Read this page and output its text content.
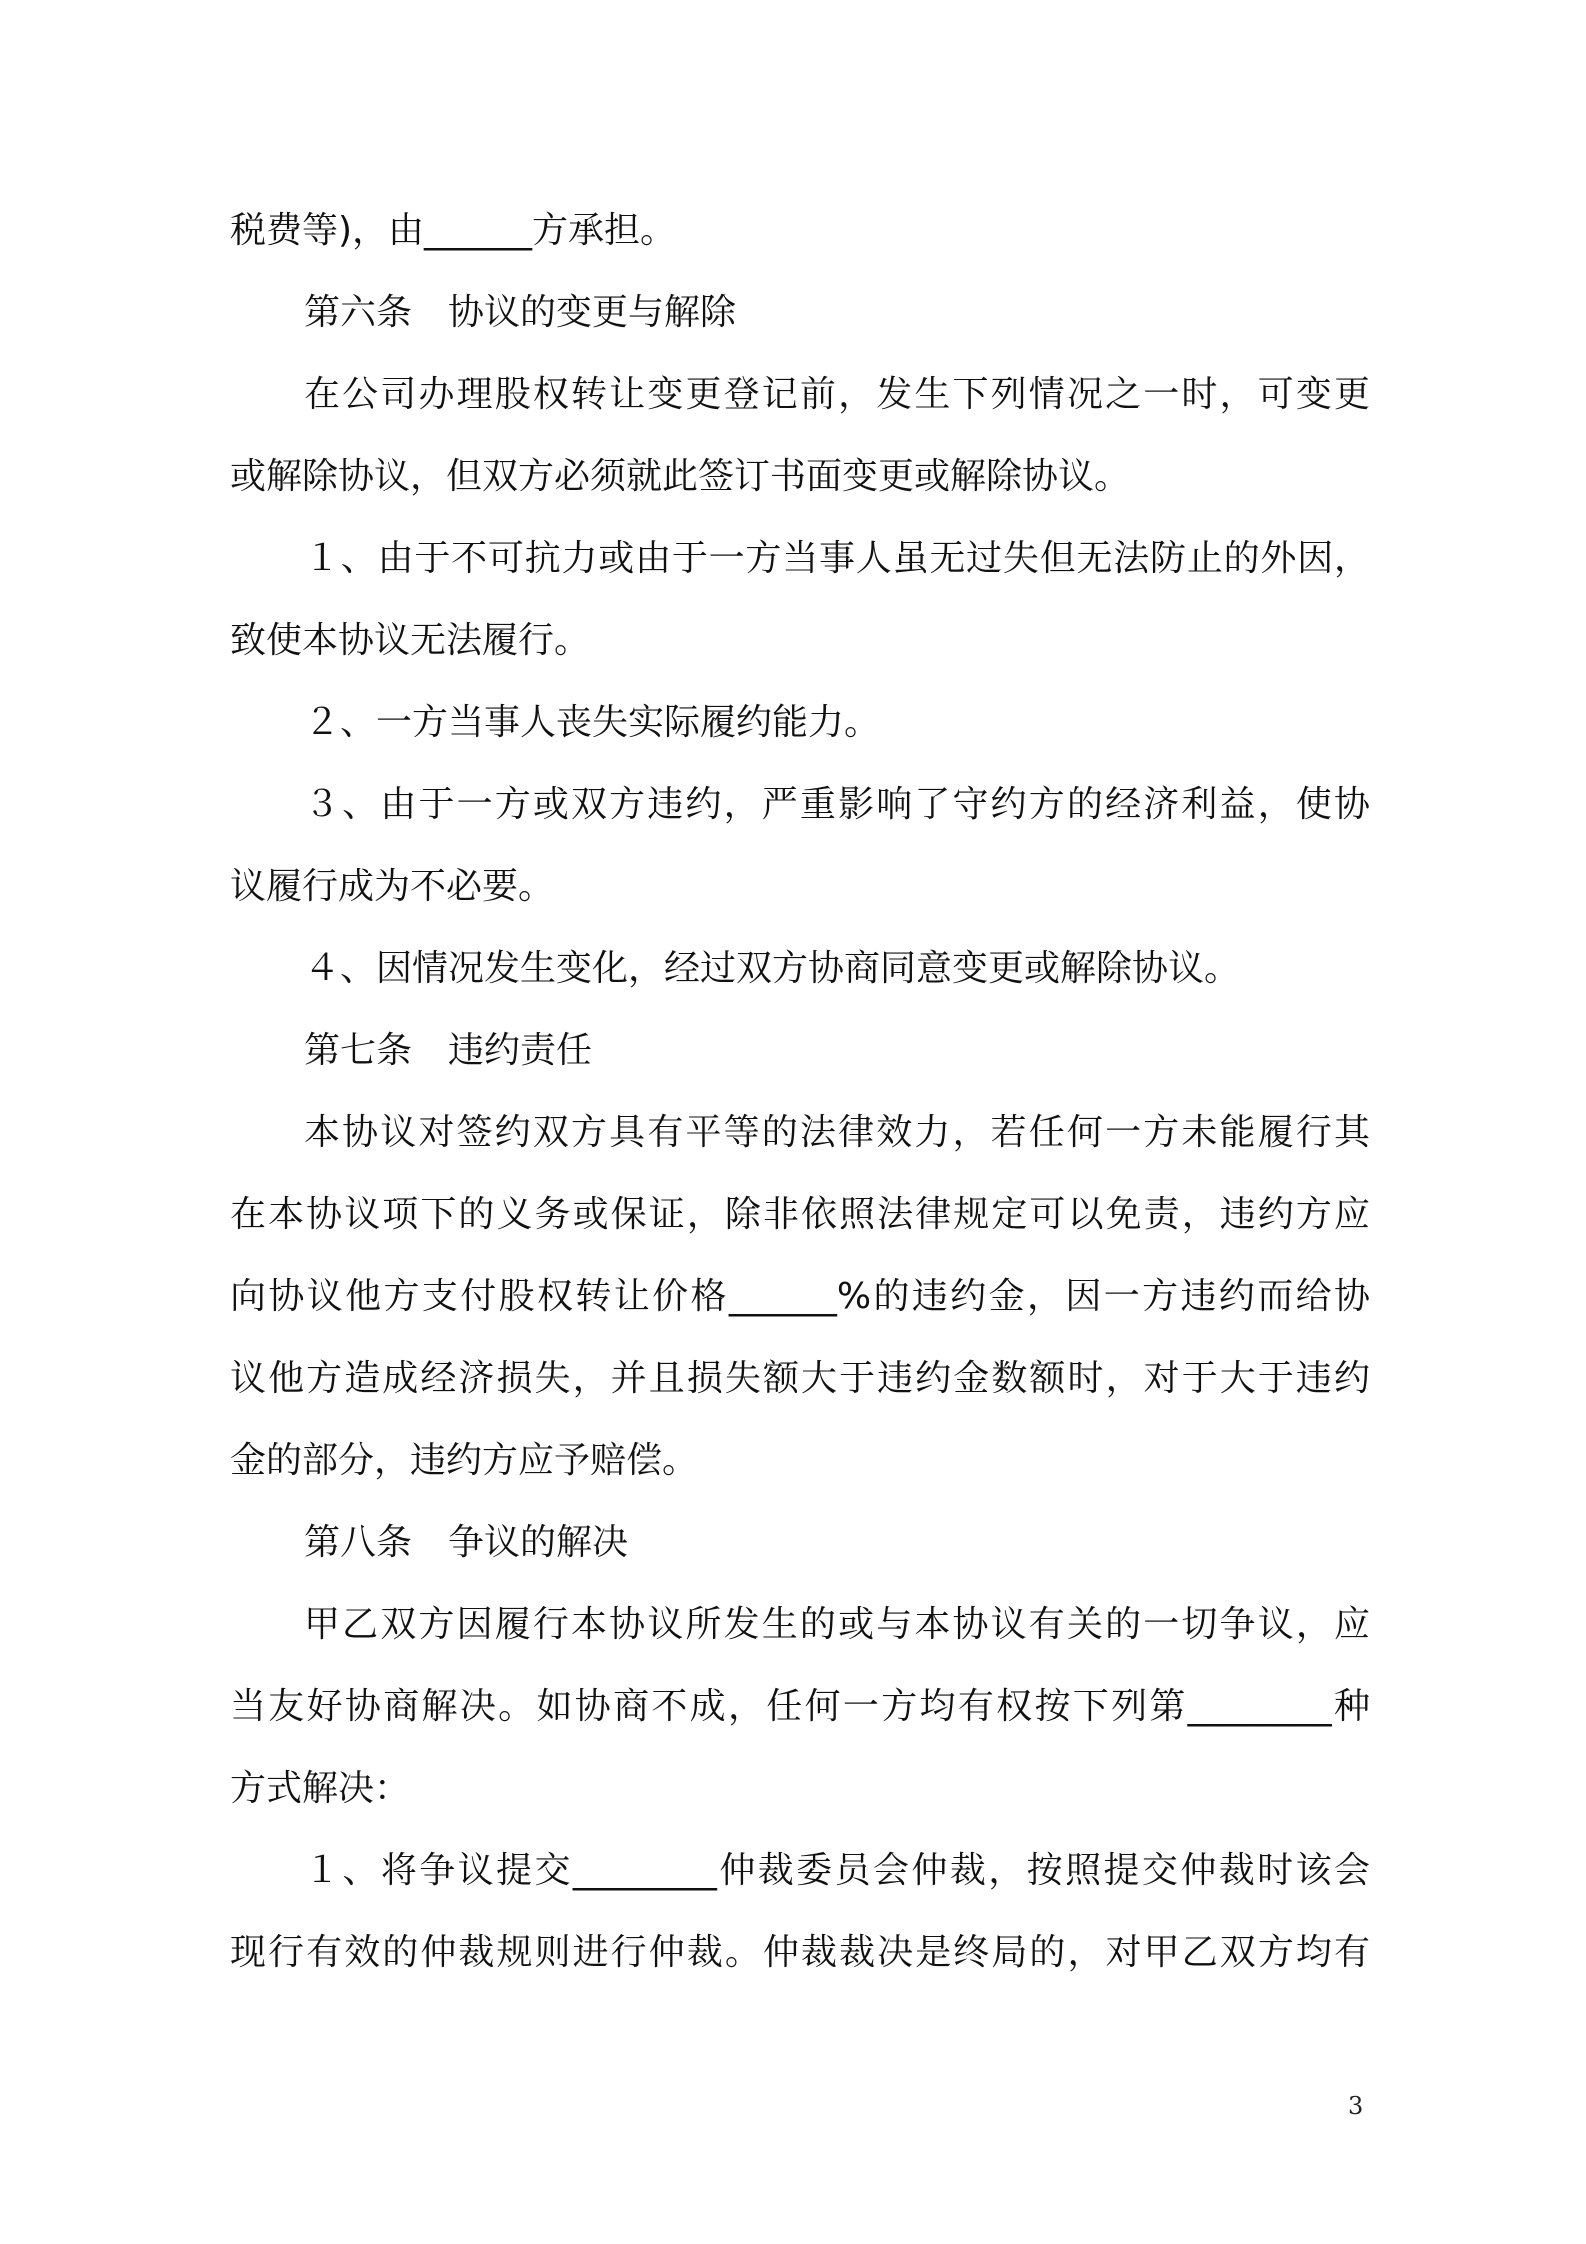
税费等)，由______方承担。

第六条　协议的变更与解除

在公司办理股权转让变更登记前，发生下列情况之一时，可变更

或解除协议，但双方必须就此签订书面变更或解除协议。

１、由于不可抗力或由于一方当事人虽无过失但无法防止的外因，

致使本协议无法履行。

２、一方当事人丧失实际履约能力。

３、由于一方或双方违约，严重影响了守约方的经济利益，使协

议履行成为不必要。

４、因情况发生变化，经过双方协商同意变更或解除协议。

第七条　违约责任

本协议对签约双方具有平等的法律效力，若任何一方未能履行其

在本协议项下的义务或保证，除非依照法律规定可以免责，违约方应

向协议他方支付股权转让价格______%的违约金，因一方违约而给协

议他方造成经济损失，并且损失额大于违约金数额时，对于大于违约

金的部分，违约方应予赔偿。

第八条　争议的解决

甲乙双方因履行本协议所发生的或与本协议有关的一切争议，应

当友好协商解决。如协商不成，任何一方均有权按下列第________种

方式解决：

１、将争议提交________仲裁委员会仲裁，按照提交仲裁时该会

现行有效的仲裁规则进行仲裁。仲裁裁决是终局的，对甲乙双方均有

3
